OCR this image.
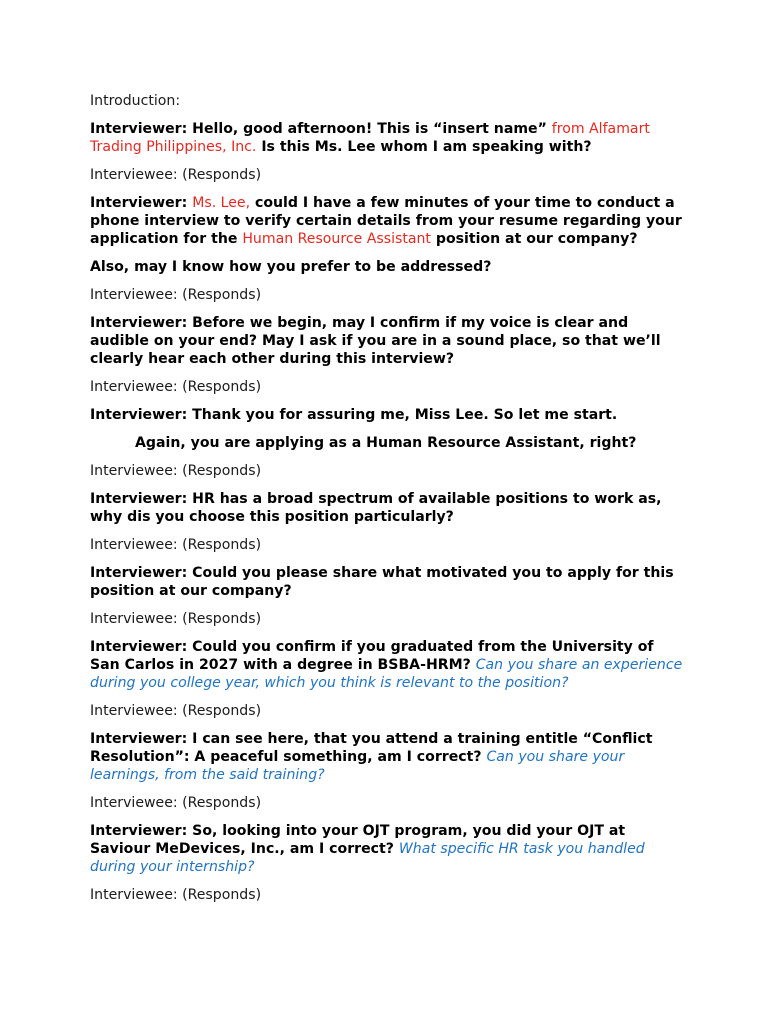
Introduction:

Interviewer: Hello, good afternoon! This is “insert name” from Alfamart Trading Philippines, Inc. Is this Ms. Lee whom I am speaking with?

Interviewee: (Responds)

Interviewer: Ms. Lee, could I have a few minutes of your time to conduct a phone interview to verify certain details from your resume regarding your application for the Human Resource Assistant position at our company?

Also, may I know how you prefer to be addressed?

Interviewee: (Responds)

Interviewer: Before we begin, may I confirm if my voice is clear and audible on your end? May I ask if you are in a sound place, so that we’ll clearly hear each other during this interview?

Interviewee: (Responds)

Interviewer: Thank you for assuring me, Miss Lee. So let me start.

Again, you are applying as a Human Resource Assistant, right?

Interviewee: (Responds)

Interviewer: HR has a broad spectrum of available positions to work as, why dis you choose this position particularly?

Interviewee: (Responds)

Interviewer: Could you please share what motivated you to apply for this position at our company?

Interviewee: (Responds)

Interviewer: Could you confirm if you graduated from the University of San Carlos in 2027 with a degree in BSBA-HRM? Can you share an experience during you college year, which you think is relevant to the position?

Interviewee: (Responds)

Interviewer: I can see here, that you attend a training entitle “Conflict Resolution”: A peaceful something, am I correct? Can you share your learnings, from the said training?

Interviewee: (Responds)

Interviewer: So, looking into your OJT program, you did your OJT at Saviour MeDevices, Inc., am I correct? What specific HR task you handled during your internship?

Interviewee: (Responds)
